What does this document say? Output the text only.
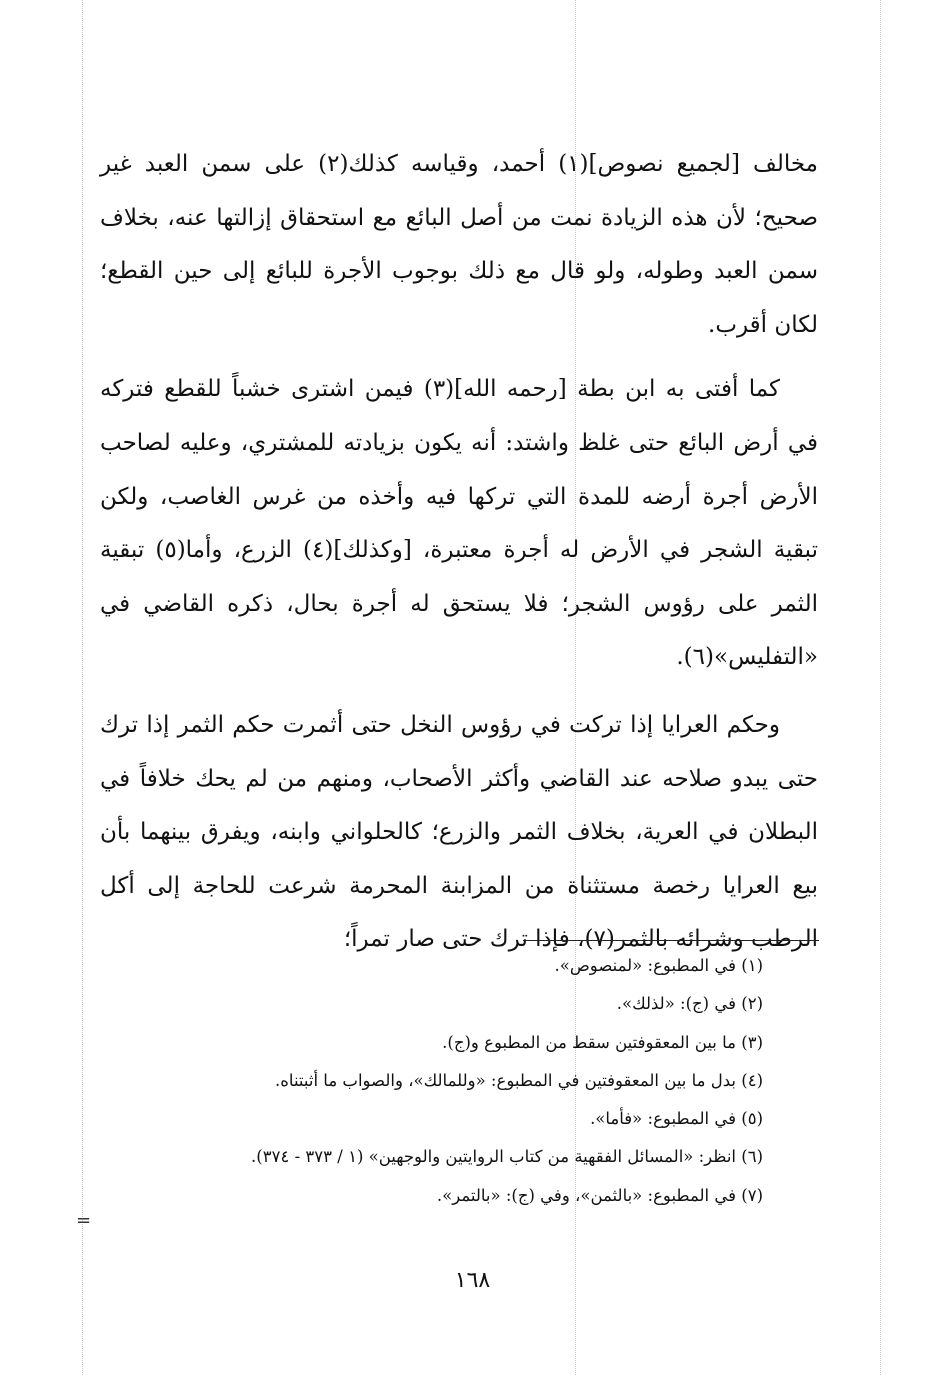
مخالف [لجميع نصوص](١) أحمد، وقياسه كذلك(٢) على سمن العبد غير صحيح؛ لأن هذه الزيادة نمت من أصل البائع مع استحقاق إزالتها عنه، بخلاف سمن العبد وطوله، ولو قال مع ذلك بوجوب الأجرة للبائع إلى حين القطع؛ لكان أقرب.

كما أفتى به ابن بطة [رحمه الله](٣) فيمن اشترى خشباً للقطع فتركه في أرض البائع حتى غلظ واشتد: أنه يكون بزيادته للمشتري، وعليه لصاحب الأرض أجرة أرضه للمدة التي تركها فيه وأخذه من غرس الغاصب، ولكن تبقية الشجر في الأرض له أجرة معتبرة، [وكذلك](٤) الزرع، وأما(٥) تبقية الثمر على رؤوس الشجر؛ فلا يستحق له أجرة بحال، ذكره القاضي في «التفليس»(٦).

وحكم العرايا إذا تركت في رؤوس النخل حتى أثمرت حكم الثمر إذا ترك حتى يبدو صلاحه عند القاضي وأكثر الأصحاب، ومنهم من لم يحك خلافاً في البطلان في العرية، بخلاف الثمر والزرع؛ كالحلواني وابنه، ويفرق بينهما بأن بيع العرايا رخصة مستثناة من المزابنة المحرمة شرعت للحاجة إلى أكل الرطب وشرائه بالثمر(٧)، فإذا ترك حتى صار تمراً؛

(١) في المطبوع: «لمنصوص».
(٢) في (ج): «لذلك».
(٣) ما بين المعقوفتين سقط من المطبوع و(ج).
(٤) بدل ما بين المعقوفتين في المطبوع: «وللمالك»، والصواب ما أثبتناه.
(٥) في المطبوع: «فأما».
(٦) انظر: «المسائل الفقهية من كتاب الروايتين والوجهين» (١ / ٣٧٣ - ٣٧٤).
(٧) في المطبوع: «بالثمن»، وفي (ج): «بالتمر».
=
١٦٨
